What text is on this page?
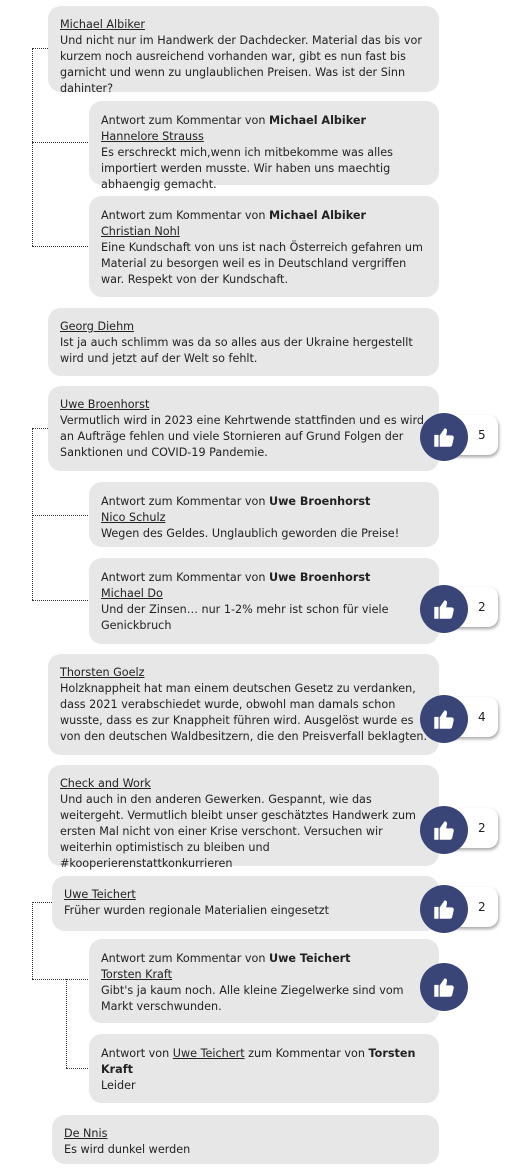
Michael Albiker
Und nicht nur im Handwerk der Dachdecker. Material das bis vor kurzem noch ausreichend vorhanden war, gibt es nun fast bis garnicht und wenn zu unglaublichen Preisen. Was ist der Sinn dahinter?
Antwort zum Kommentar von Michael Albiker
Hannelore Strauss
Es erschreckt mich,wenn ich mitbekomme was alles importiert werden musste. Wir haben uns maechtig abhaengig gemacht.
Antwort zum Kommentar von Michael Albiker
Christian Nohl
Eine Kundschaft von uns ist nach Österreich gefahren um Material zu besorgen weil es in Deutschland vergriffen war. Respekt von der Kundschaft.
Georg Diehm
Ist ja auch schlimm was da so alles aus der Ukraine hergestellt wird und jetzt auf der Welt so fehlt.
Uwe Broenhorst
Vermutlich wird in 2023 eine Kehrtwende stattfinden und es wird an Aufträge fehlen und viele Stornieren auf Grund Folgen der Sanktionen und COVID-19 Pandemie.
Antwort zum Kommentar von Uwe Broenhorst
Nico Schulz
Wegen des Geldes. Unglaublich geworden die Preise!
Antwort zum Kommentar von Uwe Broenhorst
Michael Do
Und der Zinsen… nur 1-2% mehr ist schon für viele Genickbruch
Thorsten Goelz
Holzknappheit hat man einem deutschen Gesetz zu verdanken, dass 2021 verabschiedet wurde, obwohl man damals schon wusste, dass es zur Knappheit führen wird. Ausgelöst wurde es von den deutschen Waldbesitzern, die den Preisverfall beklagten.
Check and Work
Und auch in den anderen Gewerken. Gespannt, wie das weitergeht. Vermutlich bleibt unser geschätztes Handwerk zum ersten Mal nicht von einer Krise verschont. Versuchen wir weiterhin optimistisch zu bleiben und #kooperierenstattkonkurrieren
Uwe Teichert
Früher wurden regionale Materialien eingesetzt
Antwort zum Kommentar von Uwe Teichert
Torsten Kraft
Gibt's ja kaum noch. Alle kleine Ziegelwerke sind vom Markt verschwunden.
Antwort von Uwe Teichert zum Kommentar von Torsten Kraft
Leider
De Nnis
Es wird dunkel werden
5
2
4
2
2
